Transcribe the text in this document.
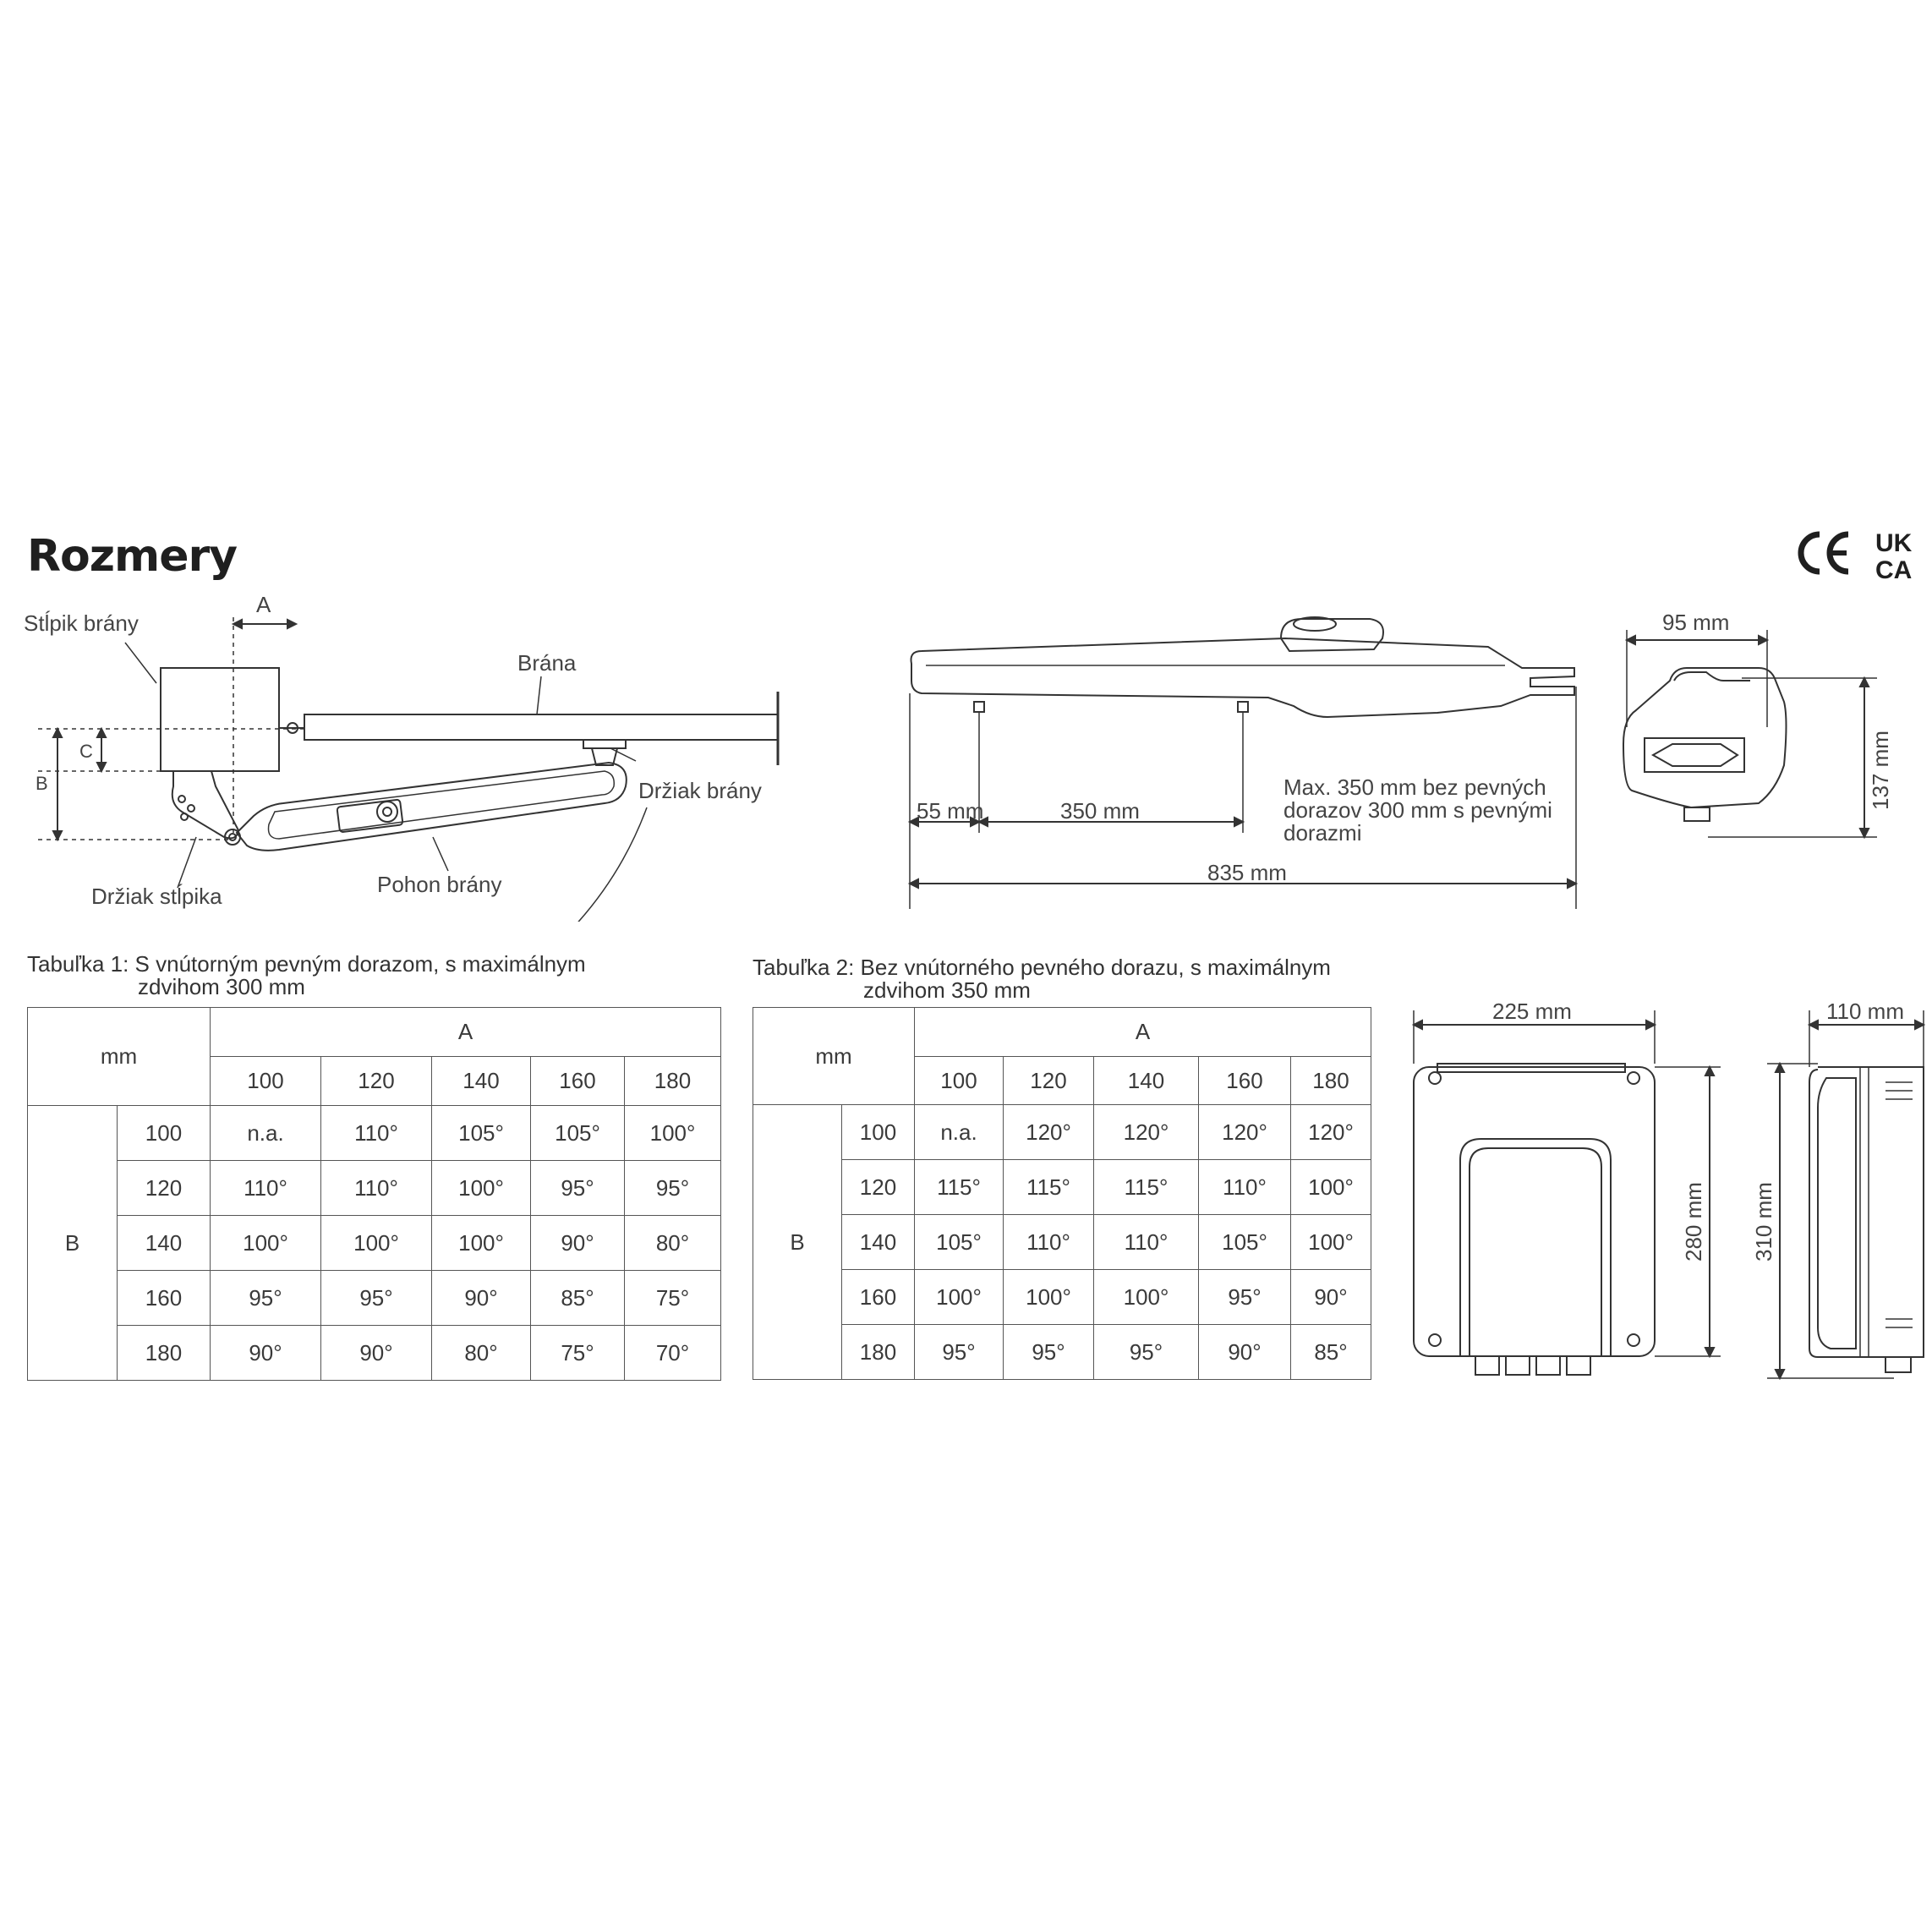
Rozmery	UK
CA
Stĺpik brány
Brána
Držiak brány
Držiak stĺpika	Pohon brány
A
B
C
55 mm	350 mm
835 mm
Max. 350 mm bez pevných
dorazov 300 mm s pevnými
dorazmi
95 mm
137 mm
225 mm
280 mm
110 mm
310 mm
Tabuľka 1: S vnútorným pevným dorazom, s maximálnym
zdvihom 300 mm
mm		A				
		100	120	140	160	180
B	100	n.a.	110°	105°	105°	100°
	120	110°	110°	100°	95°	95°
	140	100°	100°	100°	90°	80°
	160	95°	95°	90°	85°	75°
	180	90°	90°	80°	75°	70°
Tabuľka 2: Bez vnútorného pevného dorazu, s maximálnym
zdvihom 350 mm
mm		A				
		100	120	140	160	180
B	100	n.a.	120°	120°	120°	120°
	120	115°	115°	115°	110°	100°
	140	105°	110°	110°	105°	100°
	160	100°	100°	100°	95°	90°
	180	95°	95°	95°	90°	85°
